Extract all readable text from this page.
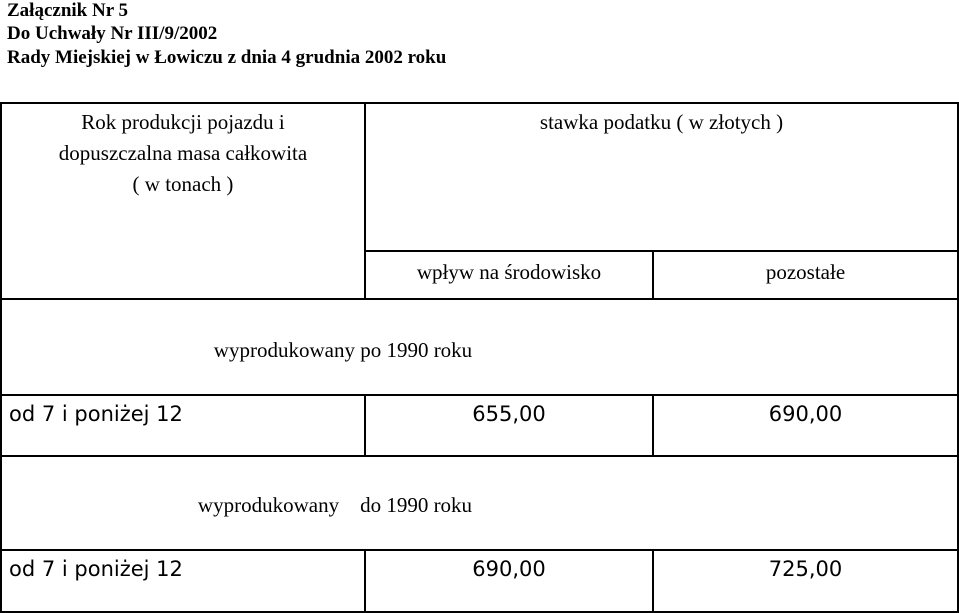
Załącznik Nr 5
Do Uchwały Nr III/9/2002
Rady Miejskiej w Łowiczu z dnia 4 grudnia 2002 roku
Rok produkcji pojazdu i
dopuszczalna masa całkowita
( w tonach )
stawka podatku ( w złotych )
wpływ na środowisko	pozostałe
wyprodukowany po 1990 roku
od 7 i poniżej 12	655,00	690,00
wyprodukowany    do 1990 roku
od 7 i poniżej 12	690,00	725,00
